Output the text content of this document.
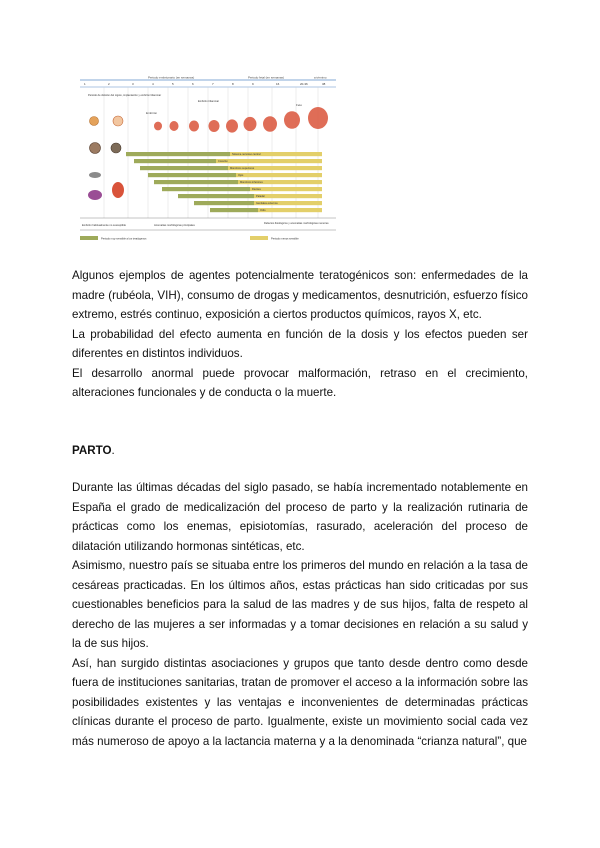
Periodo embrionario (en semanas)	Periodo fetal (en semanas)	a término
1	2	3	4	5	6	7	8	9	16	20-36	38
Periodo de división del cigoto, implantación y embrión bilaminar
Embrión trilaminar
Feto
Embrión
Sistema nervioso central
Corazón
Miembros superiores
Ojos
Miembros inferiores
Dientes
Paladar
Genitales externos
Oído
Embrión habitualmente no susceptible	Anomalías morfológicas principales
Defectos fisiológicos y anomalías morfológicas menores
Periodo muy sensible a los teratógenos	Periodo menos sensible

Algunos ejemplos de agentes potencialmente teratogénicos son: enfermedades de la madre (rubéola, VIH), consumo de drogas y medicamentos, desnutrición, esfuerzo físico extremo, estrés continuo, exposición a ciertos productos químicos, rayos X, etc.

La probabilidad del efecto aumenta en función de la dosis y los efectos pueden ser diferentes en distintos individuos.

El desarrollo anormal puede provocar malformación, retraso en el crecimiento, alteraciones funcionales y de conducta o la muerte.

PARTO.

Durante las últimas décadas del siglo pasado, se había incrementado notablemente en España el grado de medicalización del proceso de parto y la realización rutinaria de prácticas como los enemas, episiotomías, rasurado, aceleración del proceso de dilatación utilizando hormonas sintéticas, etc.

Asimismo, nuestro país se situaba entre los primeros del mundo en relación a la tasa de cesáreas practicadas. En los últimos años, estas prácticas han sido criticadas por sus cuestionables beneficios para la salud de las madres y de sus hijos, falta de respeto al derecho de las mujeres a ser informadas y a tomar decisiones en relación a su salud y la de sus hijos.

Así, han surgido distintas asociaciones y grupos que tanto desde dentro como desde fuera de instituciones sanitarias, tratan de promover el acceso a la información sobre las posibilidades existentes y las ventajas e inconvenientes de determinadas prácticas clínicas durante el proceso de parto. Igualmente, existe un movimiento social cada vez más numeroso de apoyo a la lactancia materna y a la denominada “crianza natural”, que
